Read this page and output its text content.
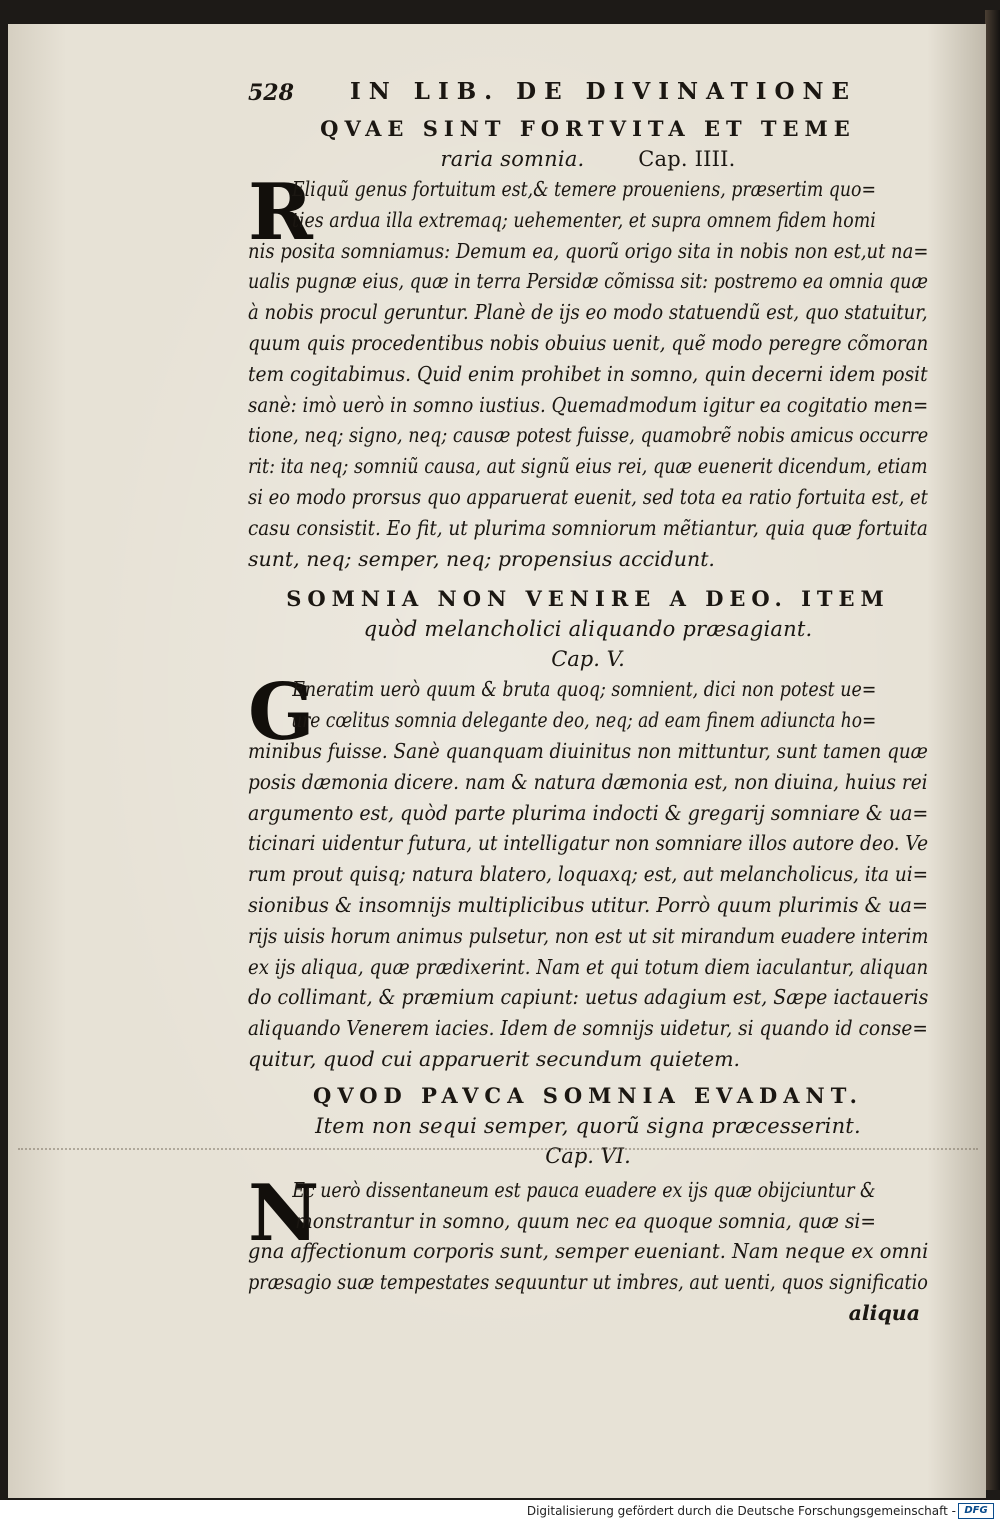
528 IN LIB. DE DIVINATIONE
QVAE SINT FORTVITA ET TEME
raria somnia.	Cap. IIII.
R
Eliquũ genus fortuitum est,& temere proueniens, præsertim quo=
ties ardua illa extremaq; uehementer, et supra omnem fidem homi
nis posita somniamus: Demum ea, quorũ origo sita in nobis non est,ut na=
ualis pugnæ eius, quæ in terra Persidæ cõmissa sit: postremo ea omnia quæ
à nobis procul geruntur. Planè de ijs eo modo statuendũ est, quo statuitur,
quum quis procedentibus nobis obuius uenit, quẽ modo peregre cõmoran
tem cogitabimus. Quid enim prohibet in somno, quin decerni idem posit
sanè: imò uerò in somno iustius. Quemadmodum igitur ea cogitatio men=
tione, neq; signo, neq; causæ potest fuisse, quamobrẽ nobis amicus occurre
rit: ita neq; somniũ causa, aut signũ eius rei, quæ euenerit dicendum, etiam
si eo modo prorsus quo apparuerat euenit, sed tota ea ratio fortuita est, et
casu consistit. Eo fit, ut plurima somniorum mẽtiantur, quia quæ fortuita
sunt, neq; semper, neq; propensius accidunt.
SOMNIA NON VENIRE A DEO. ITEM
quòd melancholici aliquando præsagiant.
Cap. V.
G
Eneratim uerò quum & bruta quoq; somnient, dici non potest ue=
ure cœlitus somnia delegante deo, neq; ad eam finem adiuncta ho=
minibus fuisse. Sanè quanquam diuinitus non mittuntur, sunt tamen quæ
posis dæmonia dicere. nam & natura dæmonia est, non diuina, huius rei
argumento est, quòd parte plurima indocti & gregarij somniare & ua=
ticinari uidentur futura, ut intelligatur non somniare illos autore deo. Ve
rum prout quisq; natura blatero, loquaxq; est, aut melancholicus, ita ui=
sionibus & insomnijs multiplicibus utitur. Porrò quum plurimis & ua=
rijs uisis horum animus pulsetur, non est ut sit mirandum euadere interim
ex ijs aliqua, quæ prædixerint. Nam et qui totum diem iaculantur, aliquan
do collimant, & præmium capiunt: uetus adagium est, Sæpe iactaueris
aliquando Venerem iacies. Idem de somnijs uidetur, si quando id conse=
quitur, quod cui apparuerit secundum quietem.
QVOD PAVCA SOMNIA EVADANT.
Item non sequi semper, quorũ signa præcesserint.
Cap. VI.
N
Ec uerò dissentaneum est pauca euadere ex ijs quæ obijciuntur &
monstrantur in somno, quum nec ea quoque somnia, quæ si=
gna affectionum corporis sunt, semper eueniant. Nam neque ex omni
præsagio suæ tempestates sequuntur ut imbres, aut uenti, quos significatio
aliqua
Digitalisierung gefördert durch die Deutsche Forschungsgemeinschaft - DFG
